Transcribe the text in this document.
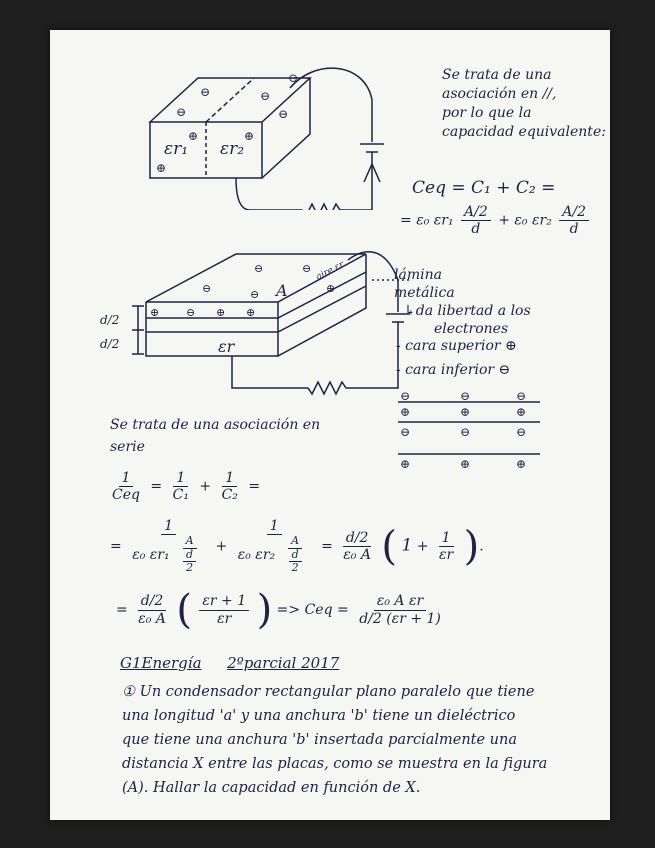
⊖
⊖	⊖
⊖
⊖
εr₁ εr₂
⊕	⊕
⊕
Se trata de una
asociación en //,
por lo que la
capacidad equivalente:
Ceq = C₁ + C₂ =
= ε₀ $\varepsilon r_1 \frac{A/2}{d} + \varepsilon_0$ $\varepsilon r_2 \frac{A/2}{d}$
A
εr
aire εr
d/2
d/2
⊖	⊖
⊖	⊖
⊖
⊕
⊕	⊕ ⊕
lámina
metálica
↳da libertad a los
electrones
- cara superior ⊕
- cara inferior ⊖
⊖	⊖	⊖
⊕	⊕	⊕
⊖	⊖	⊖
⊕	⊕	⊕
Se trata de una asociación en
serie
$\frac{1}{\text{Ceq}} = \frac{1}{\text{C₁}} + \frac{1}{\text{C₂}}$ =
= $\frac{1}{\varepsilon_0 \varepsilon r_1 \frac{A}{\frac{d}{2}}} + \frac{1}{\varepsilon_0 \varepsilon r_2 \frac{A}{\frac{d}{2}}} = \frac{d/2}{\text{ε₀ A}}$ ( $1 + \frac{1}{\varepsilon r}$ ).
= $\frac{d/2}{\text{ε₀ A}}$ ( $\frac{\varepsilon r + 1}{\varepsilon r}$ ) => Ceq = $\frac{\text{ε₀ A εr}}{d/2 (\varepsilon r + 1)}$
G1Energía 2ºparcial 2017
① Un condensador rectangular plano paralelo que tiene
una longitud 'a' y una anchura 'b' tiene un dieléctrico
que tiene una anchura 'b' insertada parcialmente una
distancia X entre las placas, como se muestra en la figura
(A). Hallar la capacidad en función de X.
